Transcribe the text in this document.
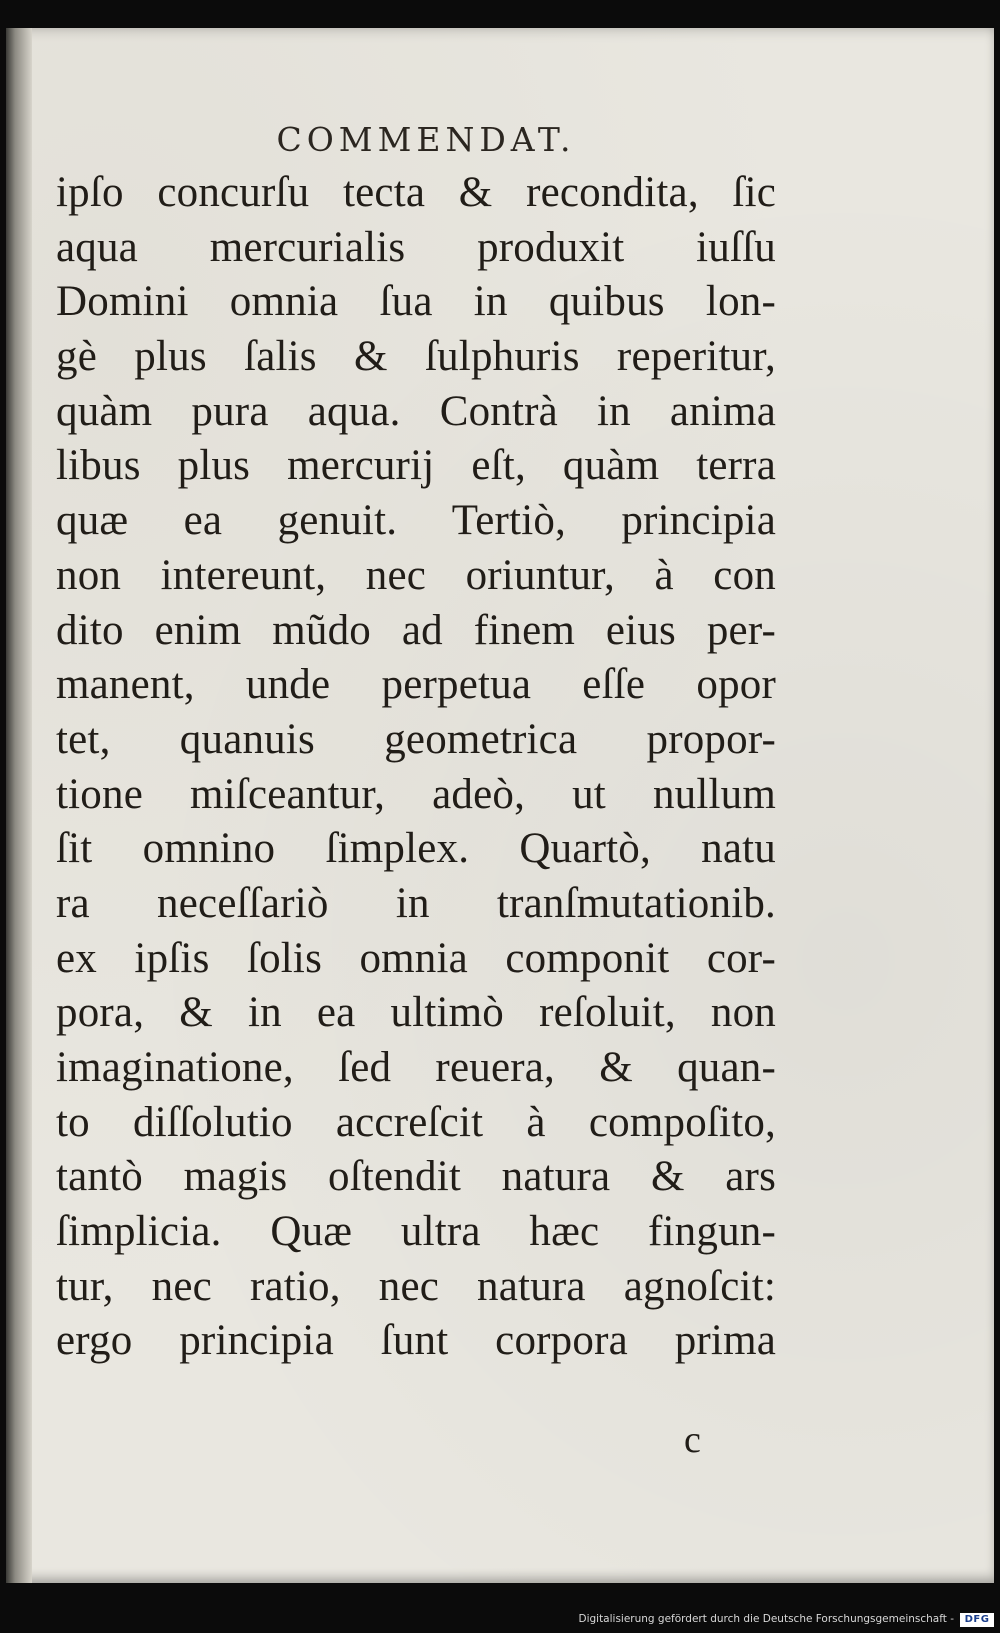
COMMENDAT.
ipſo concurſu tecta & recondita, ſic
aqua mercurialis produxit iuſſu
Domini omnia ſua in quibus lon-
gè plus ſalis & ſulphuris reperitur,
quàm pura aqua. Contrà in anima
libus plus mercurij eſt, quàm terra
quæ ea genuit. Tertiò, principia
non intereunt, nec oriuntur, à con
dito enim mũdo ad finem eius per-
manent, unde perpetua eſſe opor
tet, quanuis geometrica propor-
tione miſceantur, adeò, ut nullum
ſit omnino ſimplex. Quartò, natu
ra neceſſariò in tranſmutationib.
ex ipſis ſolis omnia componit cor-
pora, & in ea ultimò reſoluit, non
imaginatione, ſed reuera, & quan-
to diſſolutio accreſcit à compoſito,
tantò magis oſtendit natura & ars
ſimplicia. Quæ ultra hæc fingun-
tur, nec ratio, nec natura agnoſcit:
ergo principia ſunt corpora prima
c
Digitalisierung gefördert durch die Deutsche Forschungsgemeinschaft -	DFG
